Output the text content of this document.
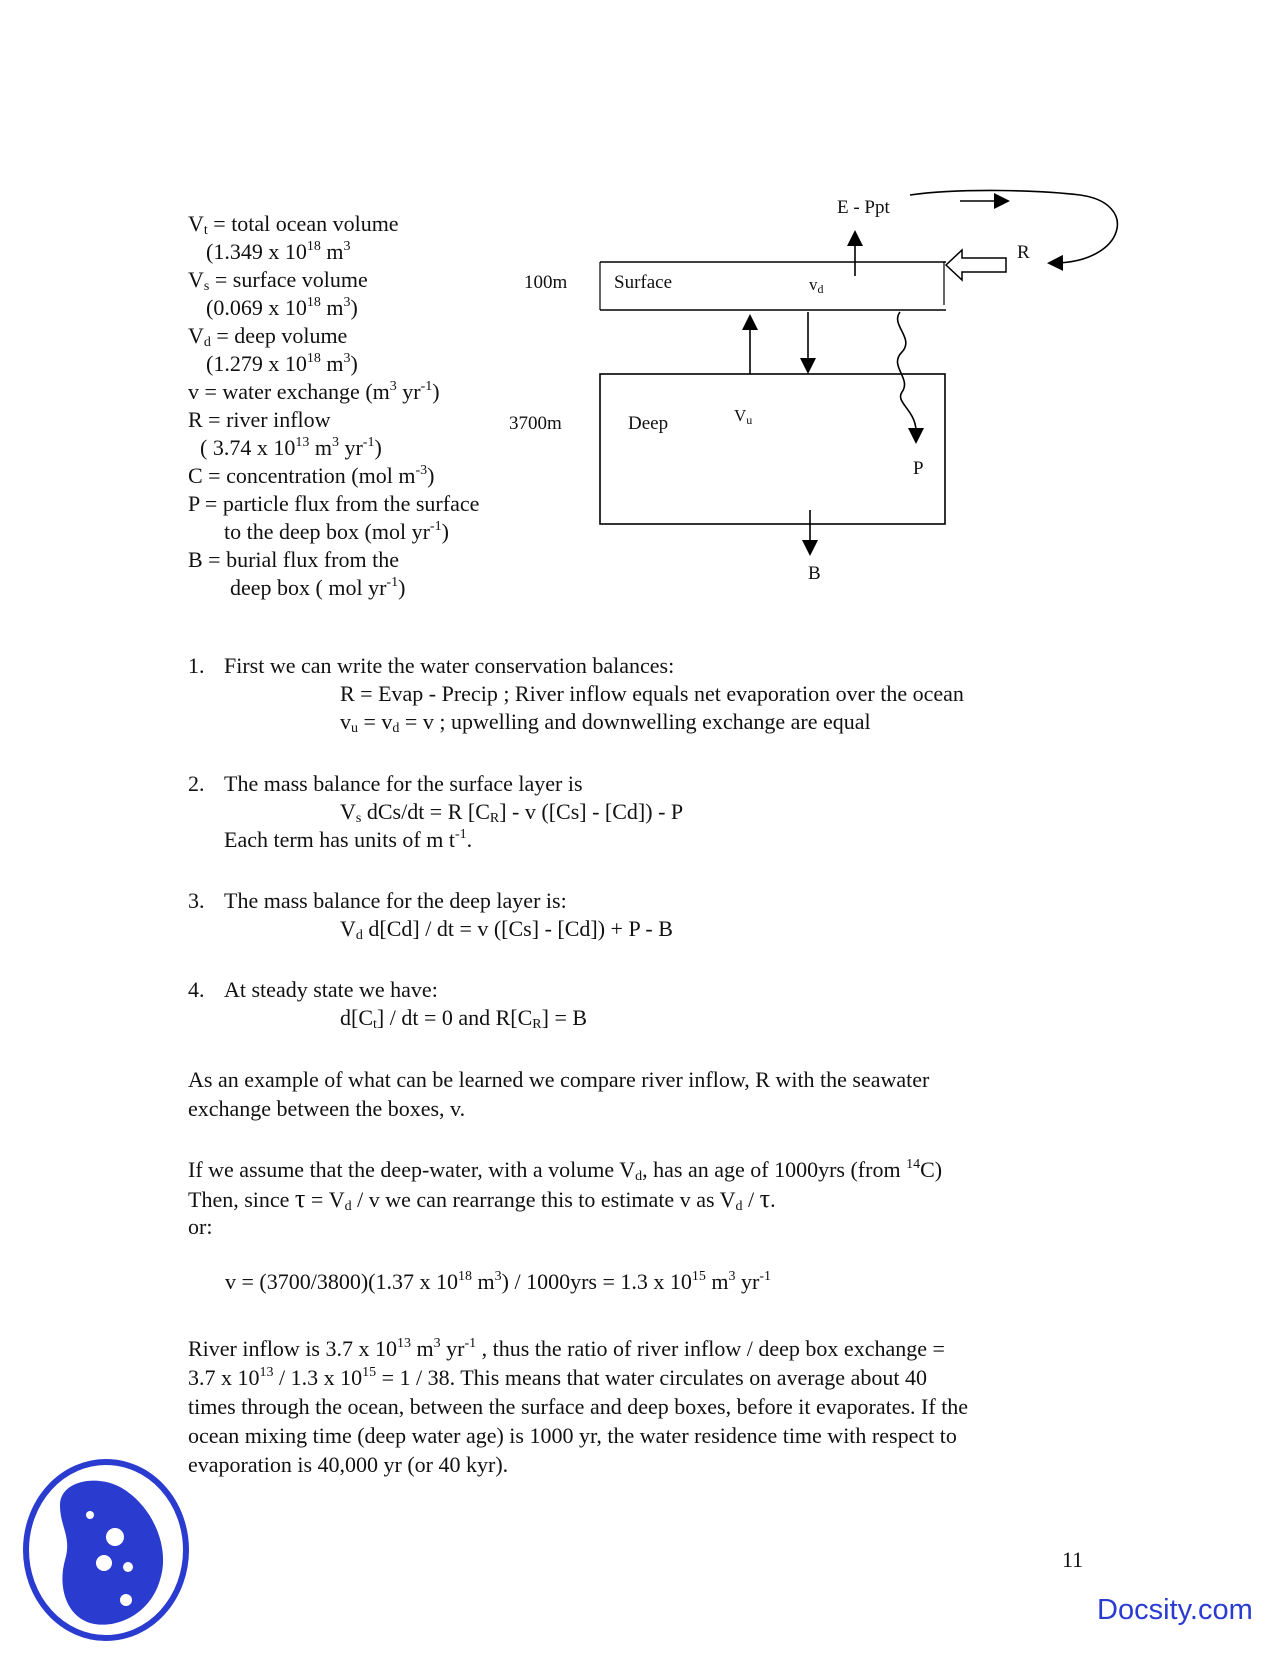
$V_t$ = total ocean volume
(1.349 x $10^{18}$ $m^3$
$V_s$ = surface volume
(0.069 x $10^{18}$ $m^3$)
$V_d$ = deep volume
(1.279 x $10^{18}$ $m^3$)
v = water exchange ($m^3$ $yr^{-1}$)
R = river inflow
( 3.74 x $10^{13}$ $m^3$ $yr^{-1}$)
C = concentration (mol $m^{-3}$)
P = particle flux from the surface
to the deep box (mol $yr^{-1}$)
B = burial flux from the
deep box ( mol $yr^{-1}$)
E - Ppt
R
100m Surface	$v_d$
3700m	Deep	$V_u$
P
B
1. First we can write the water conservation balances:
R = Evap - Precip ; River inflow equals net evaporation over the ocean
$v_u = v_d = v$ ; upwelling and downwelling exchange are equal
2. The mass balance for the surface layer is
$V_s$ dCs/dt = R $[C_R]$ - v ([Cs] - [Cd]) - P
Each term has units of m $t^{-1}$.
3. The mass balance for the deep layer is:
$V_d$ d[Cd] / dt = v ([Cs] - [Cd]) + P - B
4. At steady state we have:
$d[C_t]$ / dt = 0 and $R[C_R] = B$
As an example of what can be learned we compare river inflow, R with the seawater
exchange between the boxes, v.
If we assume that the deep-water, with a volume $V_d$, has an age of 1000yrs (from $^{14}$C)
Then, since $\tau = V_d / v$ we can rearrange this to estimate v as $V_d$ / τ.
or:
v = (3700/3800)(1.37 x $10^{18}$ $m^3) / 1000yrs = 1.3$ x $10^{15}$ $m^3$ $yr^{-1}$
River inflow is 3.7 x $10^{13}$ $m^3$ $yr^{-1}$ , thus the ratio of river inflow / deep box exchange =
3.7 x $10^{13} / 1.3$ x $10^{15} = 1 / 38$. This means that water circulates on average about 40
times through the ocean, between the surface and deep boxes, before it evaporates. If the
ocean mixing time (deep water age) is 1000 yr, the water residence time with respect to
evaporation is 40,000 yr (or 40 kyr).
11
Docsity.com
